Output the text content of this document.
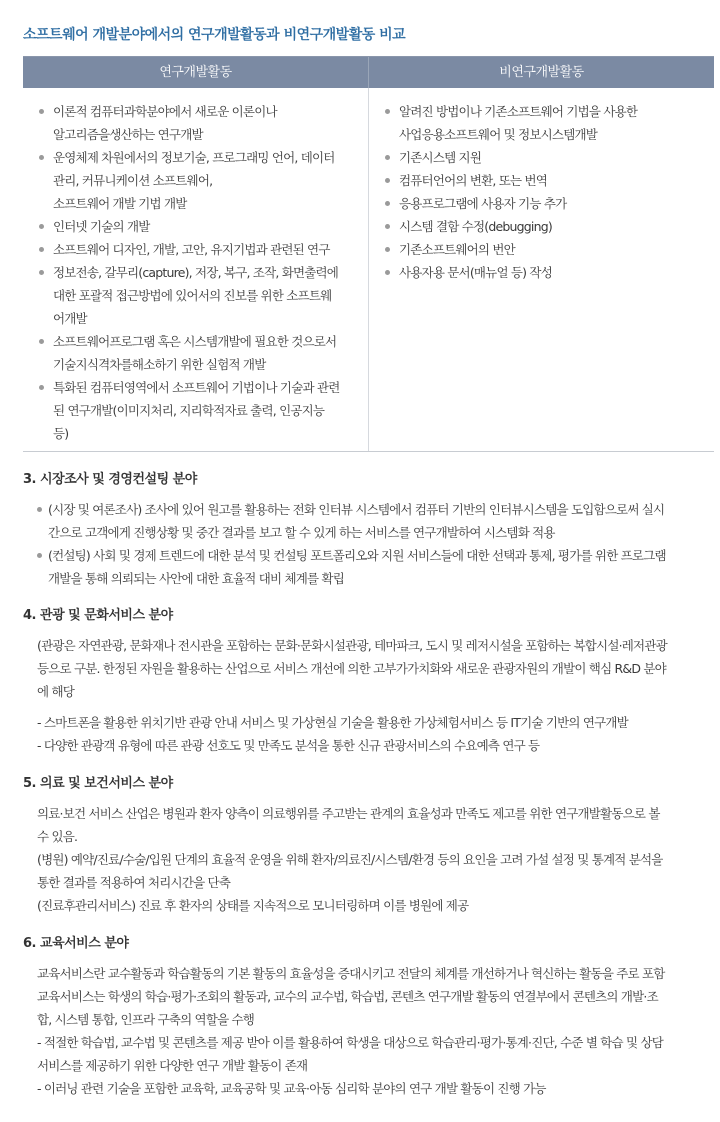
소프트웨어 개발분야에서의 연구개발활동과 비연구개발활동 비교
연구개발활동	비연구개발활동
이론적 컴퓨터과학분야에서 새로운 이론이나
알고리즘을생산하는 연구개발
운영체제 차원에서의 정보기술, 프로그래밍 언어, 데이터
관리, 커뮤니케이션 소프트웨어,
소프트웨어 개발 기법 개발
인터넷 기술의 개발
소프트웨어 디자인, 개발, 고안, 유지기법과 관련된 연구
정보전송, 갈무리(capture), 저장, 복구, 조작, 화면출력에
대한 포괄적 접근방법에 있어서의 진보를 위한 소프트웨
어개발
소프트웨어프로그램 혹은 시스템개발에 필요한 것으로서
기술지식격차를해소하기 위한 실험적 개발
특화된 컴퓨터영역에서 소프트웨어 기법이나 기술과 관련
된 연구개발(이미지처리, 지리학적자료 출력, 인공지능
등)
알려진 방법이나 기존소프트웨어 기법을 사용한
사업응용소프트웨어 및 정보시스템개발
기존시스템 지원
컴퓨터언어의 변환, 또는 번역
응용프로그램에 사용자 기능 추가
시스템 결함 수정(debugging)
기존소프트웨어의 번안
사용자용 문서(매뉴얼 등) 작성
3. 시장조사 및 경영컨설팅 분야
(시장 및 여론조사) 조사에 있어 원고를 활용하는 전화 인터뷰 시스템에서 컴퓨터 기반의 인터뷰시스템을 도입함으로써 실시
간으로 고객에게 진행상황 및 중간 결과를 보고 할 수 있게 하는 서비스를 연구개발하여 시스템화 적용
(컨설팅) 사회 및 경제 트렌드에 대한 분석 및 컨설팅 포트폴리오와 지원 서비스들에 대한 선택과 통제, 평가를 위한 프로그램
개발을 통해 의뢰되는 사안에 대한 효율적 대비 체계를 확립
4. 관광 및 문화서비스 분야
(관광은 자연관광, 문화재나 전시관을 포함하는 문화·문화시설관광, 테마파크, 도시 및 레저시설을 포함하는 복합시설·레저관광
등으로 구분. 한정된 자원을 활용하는 산업으로 서비스 개선에 의한 고부가가치화와 새로운 관광자원의 개발이 핵심 R&D 분야
에 해당
- 스마트폰을 활용한 위치기반 관광 안내 서비스 및 가상현실 기술을 활용한 가상체험서비스 등 IT기술 기반의 연구개발
- 다양한 관광객 유형에 따른 관광 선호도 및 만족도 분석을 통한 신규 관광서비스의 수요예측 연구 등
5. 의료 및 보건서비스 분야
의료·보건 서비스 산업은 병원과 환자 양측이 의료행위를 주고받는 관계의 효율성과 만족도 제고를 위한 연구개발활동으로 볼
수 있음.
(병원) 예약/진료/수술/입원 단계의 효율적 운영을 위해 환자/의료진/시스템/환경 등의 요인을 고려 가설 설정 및 통계적 분석을
통한 결과를 적용하여 처리시간을 단축
(진료후관리서비스) 진료 후 환자의 상태를 지속적으로 모니터링하며 이를 병원에 제공
6. 교육서비스 분야
교육서비스란 교수활동과 학습활동의 기본 활동의 효율성을 증대시키고 전달의 체계를 개선하거나 혁신하는 활동을 주로 포함
교육서비스는 학생의 학습·평가·조회의 활동과, 교수의 교수법, 학습법, 콘텐츠 연구개발 활동의 연결부에서 콘텐츠의 개발·조
합, 시스템 통합, 인프라 구축의 역할을 수행
- 적절한 학습법, 교수법 및 콘텐츠를 제공 받아 이를 활용하여 학생을 대상으로 학습관리·평가·통계·진단, 수준 별 학습 및 상담
서비스를 제공하기 위한 다양한 연구 개발 활동이 존재
- 이러닝 관련 기술을 포함한 교육학, 교육공학 및 교육·아동 심리학 분야의 연구 개발 활동이 진행 가능
